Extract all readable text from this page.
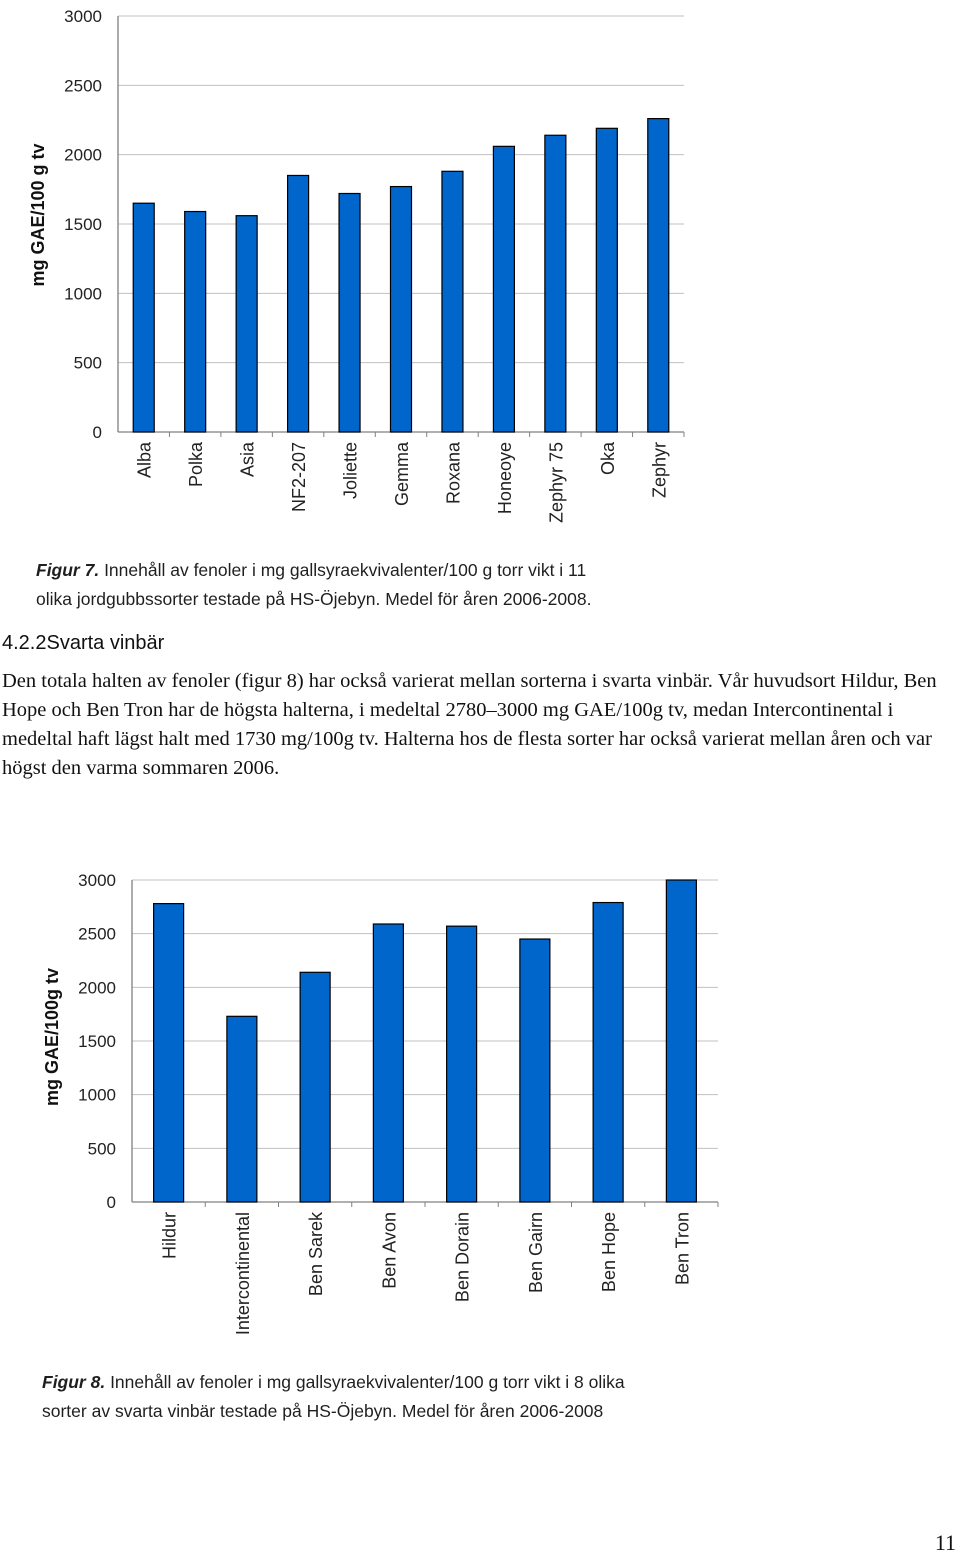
0
500
1000
1500
2000
2500
3000
mg GAE/100 g tv
Alba Polka Asia NF2-207 Joliette Gemma Roxana Honeoye Zephyr 75 Oka Zephyr
Figur 7. Innehåll av fenoler i mg gallsyraekvivalenter/100 g torr vikt i 11
olika jordgubbssorter testade på HS-Öjebyn. Medel för åren 2006-2008.
4.2.2Svarta vinbär
Den totala halten av fenoler (figur 8) har också varierat mellan sorterna i svarta vinbär. Vår huvudsort Hildur, Ben Hope och Ben Tron har de högsta halterna, i medeltal 2780–3000 mg GAE/100g tv, medan Intercontinental i medeltal haft lägst halt med 1730 mg/100g tv. Halterna hos de flesta sorter har också varierat mellan åren och var högst den varma sommaren 2006.
0
500
1000
1500
2000
2500
3000
mg GAE/100g tv
Hildur	Intercontinental	Ben Sarek	Ben Avon	Ben Dorain	Ben Gairn	Ben Hope	Ben Tron
Figur 8. Innehåll av fenoler i mg gallsyraekvivalenter/100 g torr vikt i 8 olika
sorter av svarta vinbär testade på HS-Öjebyn. Medel för åren 2006-2008
11
